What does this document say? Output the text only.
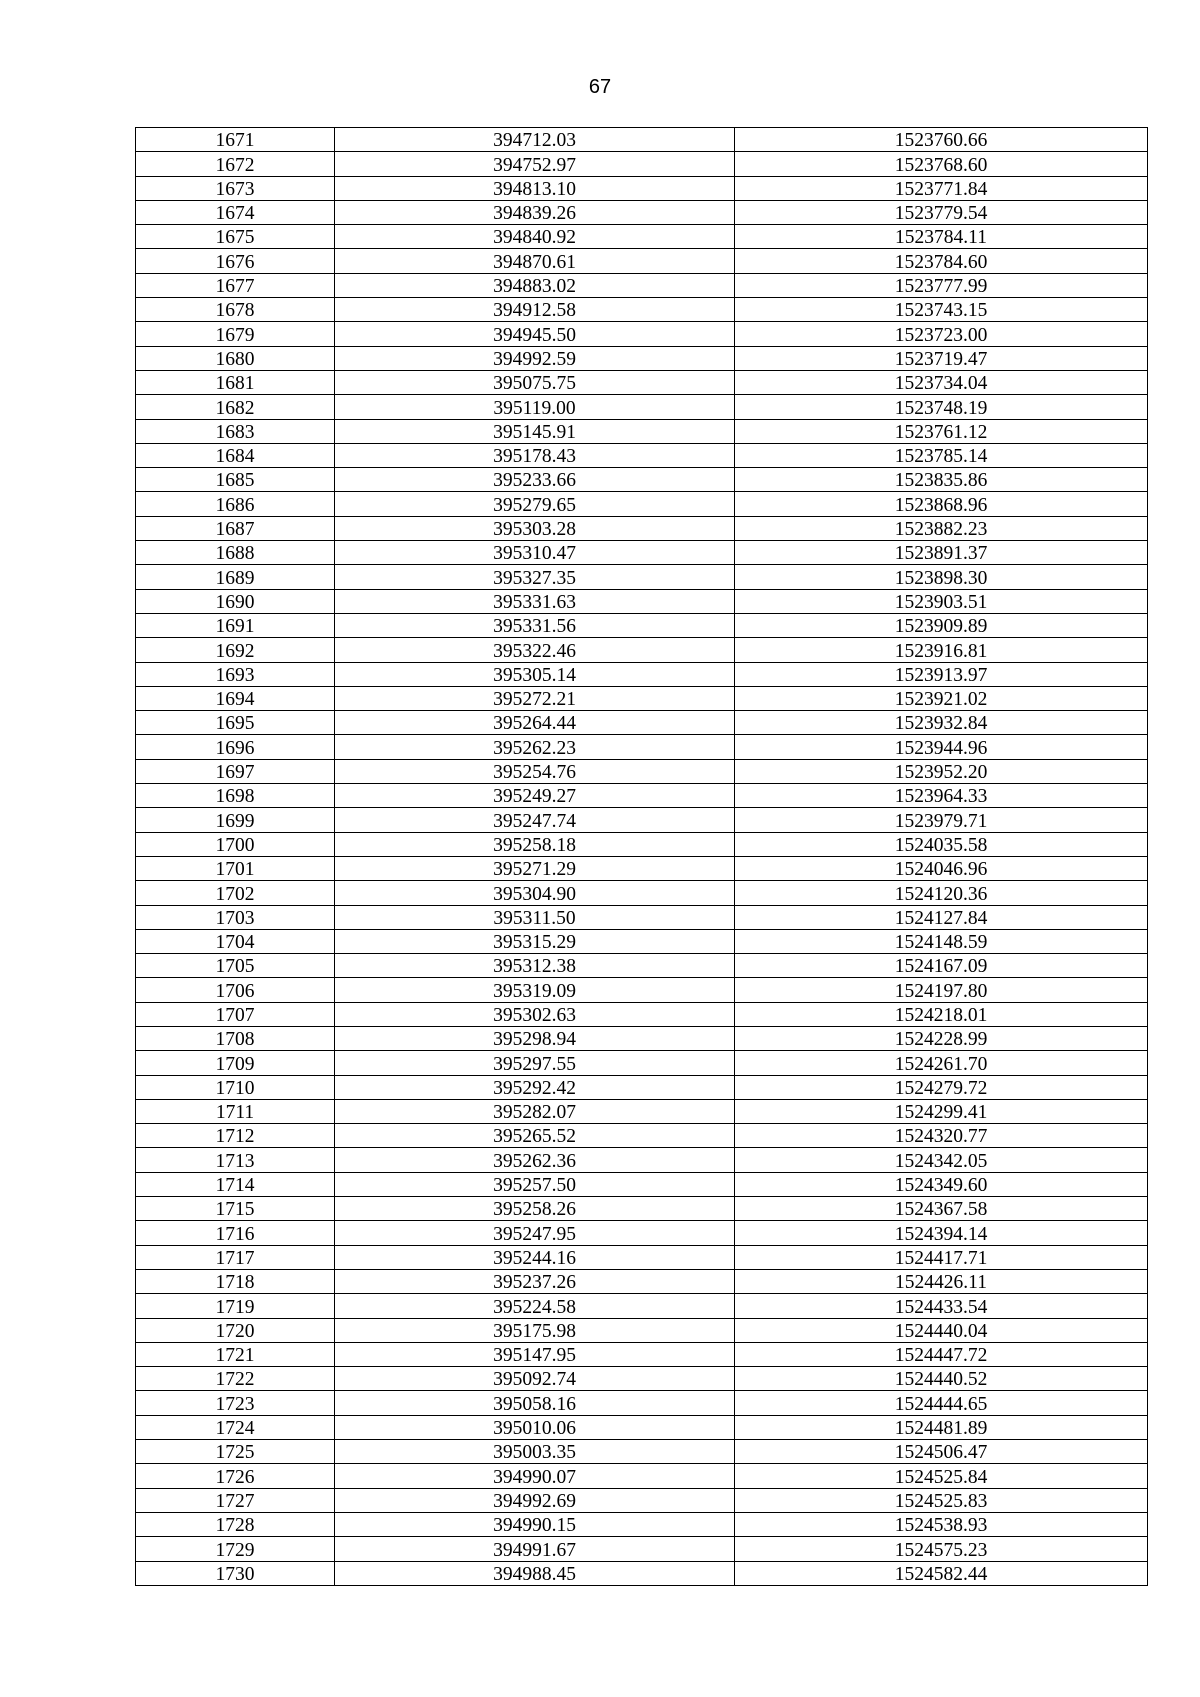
67
1671	394712.03	1523760.66
1672	394752.97	1523768.60
1673	394813.10	1523771.84
1674	394839.26	1523779.54
1675	394840.92	1523784.11
1676	394870.61	1523784.60
1677	394883.02	1523777.99
1678	394912.58	1523743.15
1679	394945.50	1523723.00
1680	394992.59	1523719.47
1681	395075.75	1523734.04
1682	395119.00	1523748.19
1683	395145.91	1523761.12
1684	395178.43	1523785.14
1685	395233.66	1523835.86
1686	395279.65	1523868.96
1687	395303.28	1523882.23
1688	395310.47	1523891.37
1689	395327.35	1523898.30
1690	395331.63	1523903.51
1691	395331.56	1523909.89
1692	395322.46	1523916.81
1693	395305.14	1523913.97
1694	395272.21	1523921.02
1695	395264.44	1523932.84
1696	395262.23	1523944.96
1697	395254.76	1523952.20
1698	395249.27	1523964.33
1699	395247.74	1523979.71
1700	395258.18	1524035.58
1701	395271.29	1524046.96
1702	395304.90	1524120.36
1703	395311.50	1524127.84
1704	395315.29	1524148.59
1705	395312.38	1524167.09
1706	395319.09	1524197.80
1707	395302.63	1524218.01
1708	395298.94	1524228.99
1709	395297.55	1524261.70
1710	395292.42	1524279.72
1711	395282.07	1524299.41
1712	395265.52	1524320.77
1713	395262.36	1524342.05
1714	395257.50	1524349.60
1715	395258.26	1524367.58
1716	395247.95	1524394.14
1717	395244.16	1524417.71
1718	395237.26	1524426.11
1719	395224.58	1524433.54
1720	395175.98	1524440.04
1721	395147.95	1524447.72
1722	395092.74	1524440.52
1723	395058.16	1524444.65
1724	395010.06	1524481.89
1725	395003.35	1524506.47
1726	394990.07	1524525.84
1727	394992.69	1524525.83
1728	394990.15	1524538.93
1729	394991.67	1524575.23
1730	394988.45	1524582.44
